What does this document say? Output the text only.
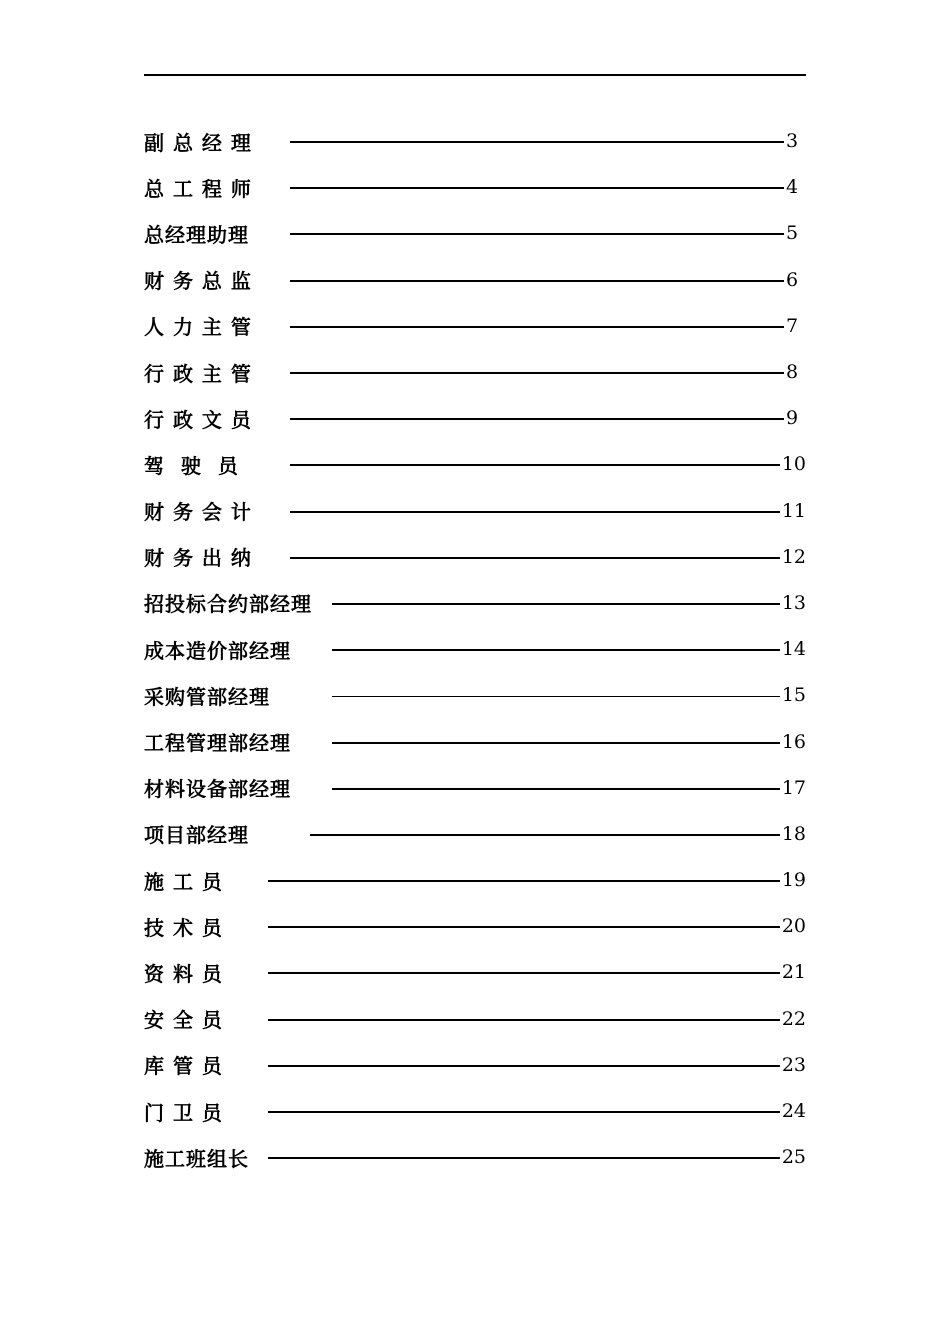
副 总 经 理	3
总 工 程 师	4
总经理助理	5
财 务 总 监	6
人 力 主 管	7
行 政 主 管	8
行 政 文 员	9
驾  驶  员	10
财 务 会 计	11
财 务 出 纳	12
招投标合约部经理	13
成本造价部经理	14
采购管部经理	15
工程管理部经理	16
材料设备部经理	17
项目部经理	18
施 工 员	19
技 术 员	20
资 料 员	21
安 全 员	22
库 管 员	23
门 卫 员	24
施工班组长	25
